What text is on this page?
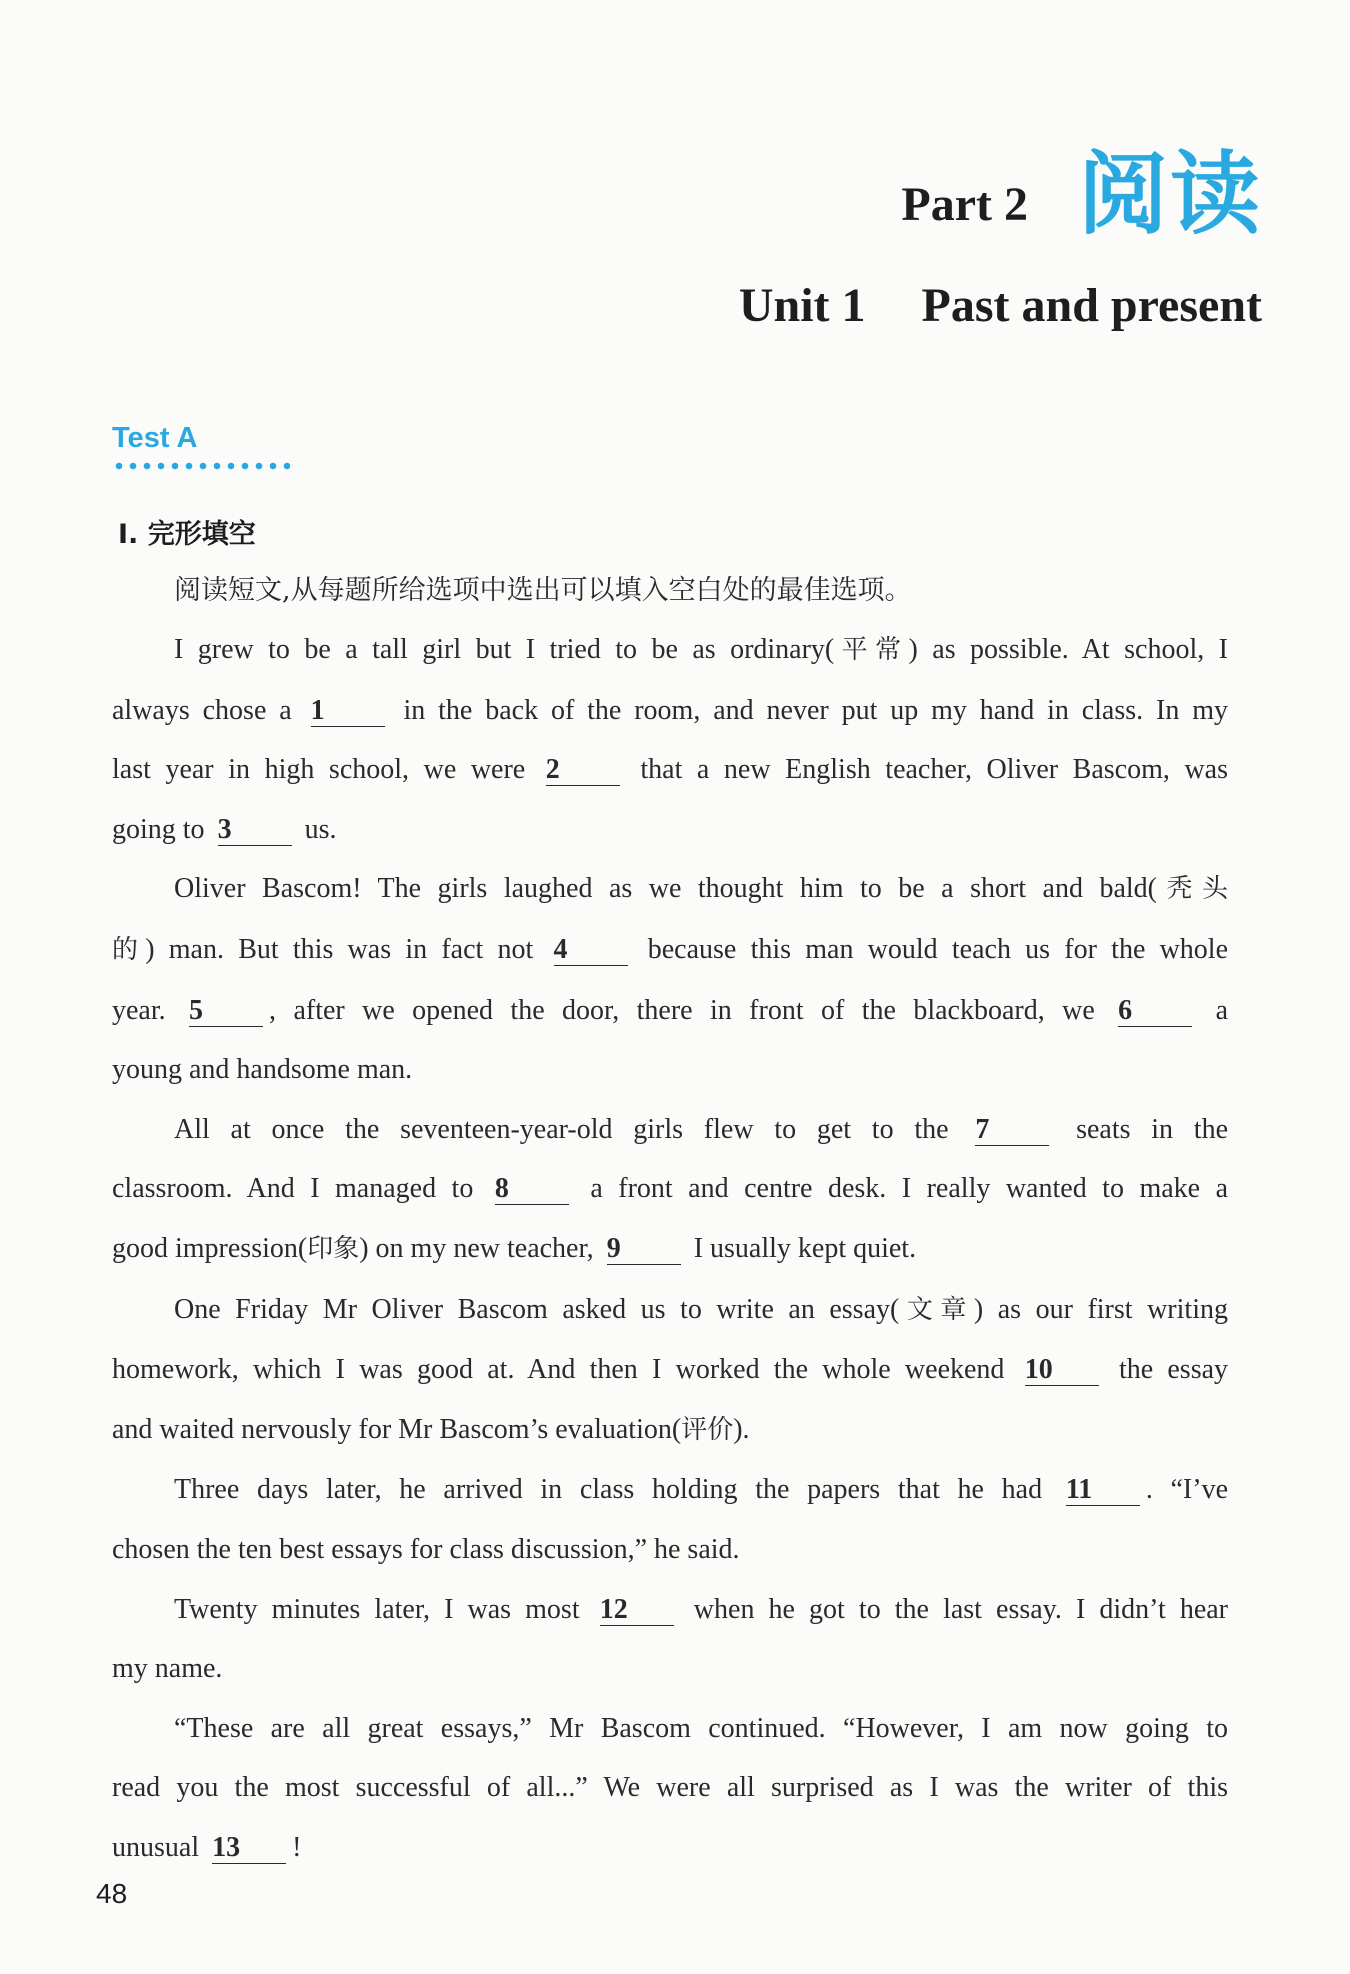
Part 2 阅读
Unit 1 Past and present
Test A
Ⅰ. 完形填空
阅读短文,从每题所给选项中选出可以填入空白处的最佳选项。
I grew to be a tall girl but I tried to be as ordinary(平常) as possible. At school, I
always chose a 1	in the back of the room, and never put up my hand in class. In my
last year in high school, we were 2	that a new English teacher, Oliver Bascom, was
going to 3	us.
Oliver Bascom! The girls laughed as we thought him to be a short and bald(秃头
的) man. But this was in fact not 4	because this man would teach us for the whole
year. 5 , after we opened the door, there in front of the blackboard, we 6	a
young and handsome man.
All at once the seventeen-year-old girls flew to get to the 7	seats in the
classroom. And I managed to 8	a front and centre desk. I really wanted to make a
good impression(印象) on my new teacher, 9	I usually kept quiet.
One Friday Mr Oliver Bascom asked us to write an essay(文章) as our first writing
homework, which I was good at. And then I worked the whole weekend 10 the essay
and waited nervously for Mr Bascom’s evaluation(评价).
Three days later, he arrived in class holding the papers that he had 11 . “I’ve
chosen the ten best essays for class discussion,” he said.
Twenty minutes later, I was most 12 when he got to the last essay. I didn’t hear
my name.
“These are all great essays,” Mr Bascom continued. “However, I am now going to
read you the most successful of all...” We were all surprised as I was the writer of this
unusual 13 !
48
